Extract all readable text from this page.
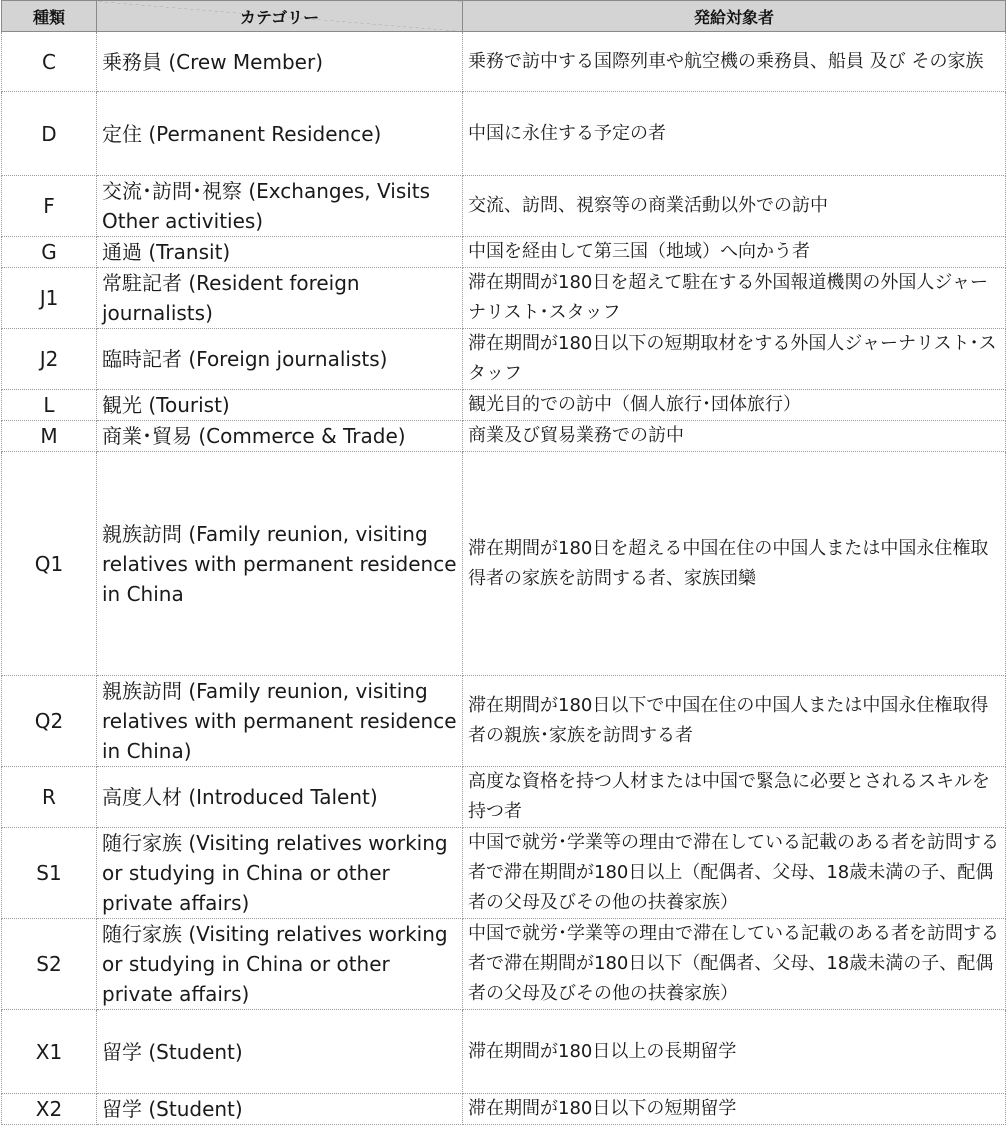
種類	カテゴリー	発給対象者
C	乗務員 (Crew Member)	乗務で訪中する国際列車や航空機の乗務員、船員 及び その家族
D	定住 (Permanent Residence)	中国に永住する予定の者
F	交流･訪問･視察 (Exchanges, Visits Other activities)	交流、訪問、視察等の商業活動以外での訪中
G	通過 (Transit)	中国を経由して第三国（地域）へ向かう者
J1	常駐記者 (Resident foreign journalists)	滞在期間が180日を超えて駐在する外国報道機関の外国人ジャーナリスト･スタッフ
J2	臨時記者 (Foreign journalists)	滞在期間が180日以下の短期取材をする外国人ジャーナリスト･スタッフ
L	観光 (Tourist)	観光目的での訪中（個人旅行･団体旅行）
M	商業･貿易 (Commerce & Trade)	商業及び貿易業務での訪中
Q1	親族訪問 (Family reunion, visiting relatives with permanent residence in China	滞在期間が180日を超える中国在住の中国人または中国永住権取得者の家族を訪問する者、家族団欒
Q2	親族訪問 (Family reunion, visiting relatives with permanent residence in China)	滞在期間が180日以下で中国在住の中国人または中国永住権取得者の親族･家族を訪問する者
R	高度人材 (Introduced Talent)	高度な資格を持つ人材または中国で緊急に必要とされるスキルを持つ者
S1	随行家族 (Visiting relatives working or studying in China or other private affairs)	中国で就労･学業等の理由で滞在している記載のある者を訪問する者で滞在期間が180日以上（配偶者、父母、18歳未満の子、配偶者の父母及びその他の扶養家族）
S2	随行家族 (Visiting relatives working or studying in China or other private affairs)	中国で就労･学業等の理由で滞在している記載のある者を訪問する者で滞在期間が180日以下（配偶者、父母、18歳未満の子、配偶者の父母及びその他の扶養家族）
X1	留学 (Student)	滞在期間が180日以上の長期留学
X2	留学 (Student)	滞在期間が180日以下の短期留学
